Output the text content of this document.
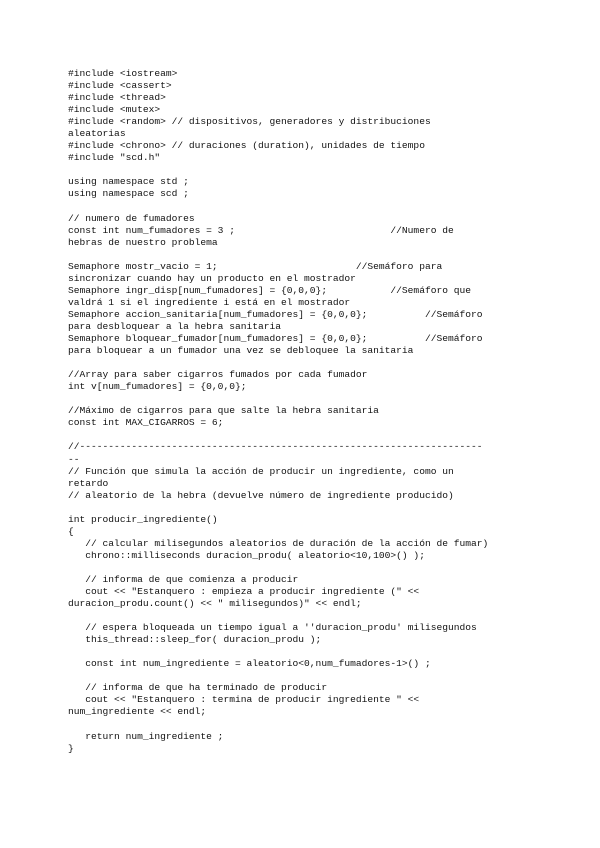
#include <iostream>
#include <cassert>
#include <thread>
#include <mutex>
#include <random> // dispositivos, generadores y distribuciones
aleatorias
#include <chrono> // duraciones (duration), unidades de tiempo
#include "scd.h"
using namespace std ;
using namespace scd ;
// numero de fumadores
const int num_fumadores = 3 ;                           //Numero de
hebras de nuestro problema
Semaphore mostr_vacio = 1;                        //Semáforo para
sincronizar cuando hay un producto en el mostrador
Semaphore ingr_disp[num_fumadores] = {0,0,0};           //Semáforo que
valdrá 1 si el ingrediente i está en el mostrador
Semaphore accion_sanitaria[num_fumadores] = {0,0,0};          //Semáforo
para desbloquear a la hebra sanitaria
Semaphore bloquear_fumador[num_fumadores] = {0,0,0};          //Semáforo
para bloquear a un fumador una vez se debloquee la sanitaria
//Array para saber cigarros fumados por cada fumador
int v[num_fumadores] = {0,0,0};
//Máximo de cigarros para que salte la hebra sanitaria
const int MAX_CIGARROS = 6;
//----------------------------------------------------------------------
--
// Función que simula la acción de producir un ingrediente, como un
retardo
// aleatorio de la hebra (devuelve número de ingrediente producido)
int producir_ingrediente()
{
// calcular milisegundos aleatorios de duración de la acción de fumar)
chrono::milliseconds duracion_produ( aleatorio<10,100>() );
// informa de que comienza a producir
cout << "Estanquero : empieza a producir ingrediente (" <<
duracion_produ.count() << " milisegundos)" << endl;
// espera bloqueada un tiempo igual a ''duracion_produ' milisegundos
this_thread::sleep_for( duracion_produ );
const int num_ingrediente = aleatorio<0,num_fumadores-1>() ;
// informa de que ha terminado de producir
cout << "Estanquero : termina de producir ingrediente " <<
num_ingrediente << endl;
return num_ingrediente ;
}
